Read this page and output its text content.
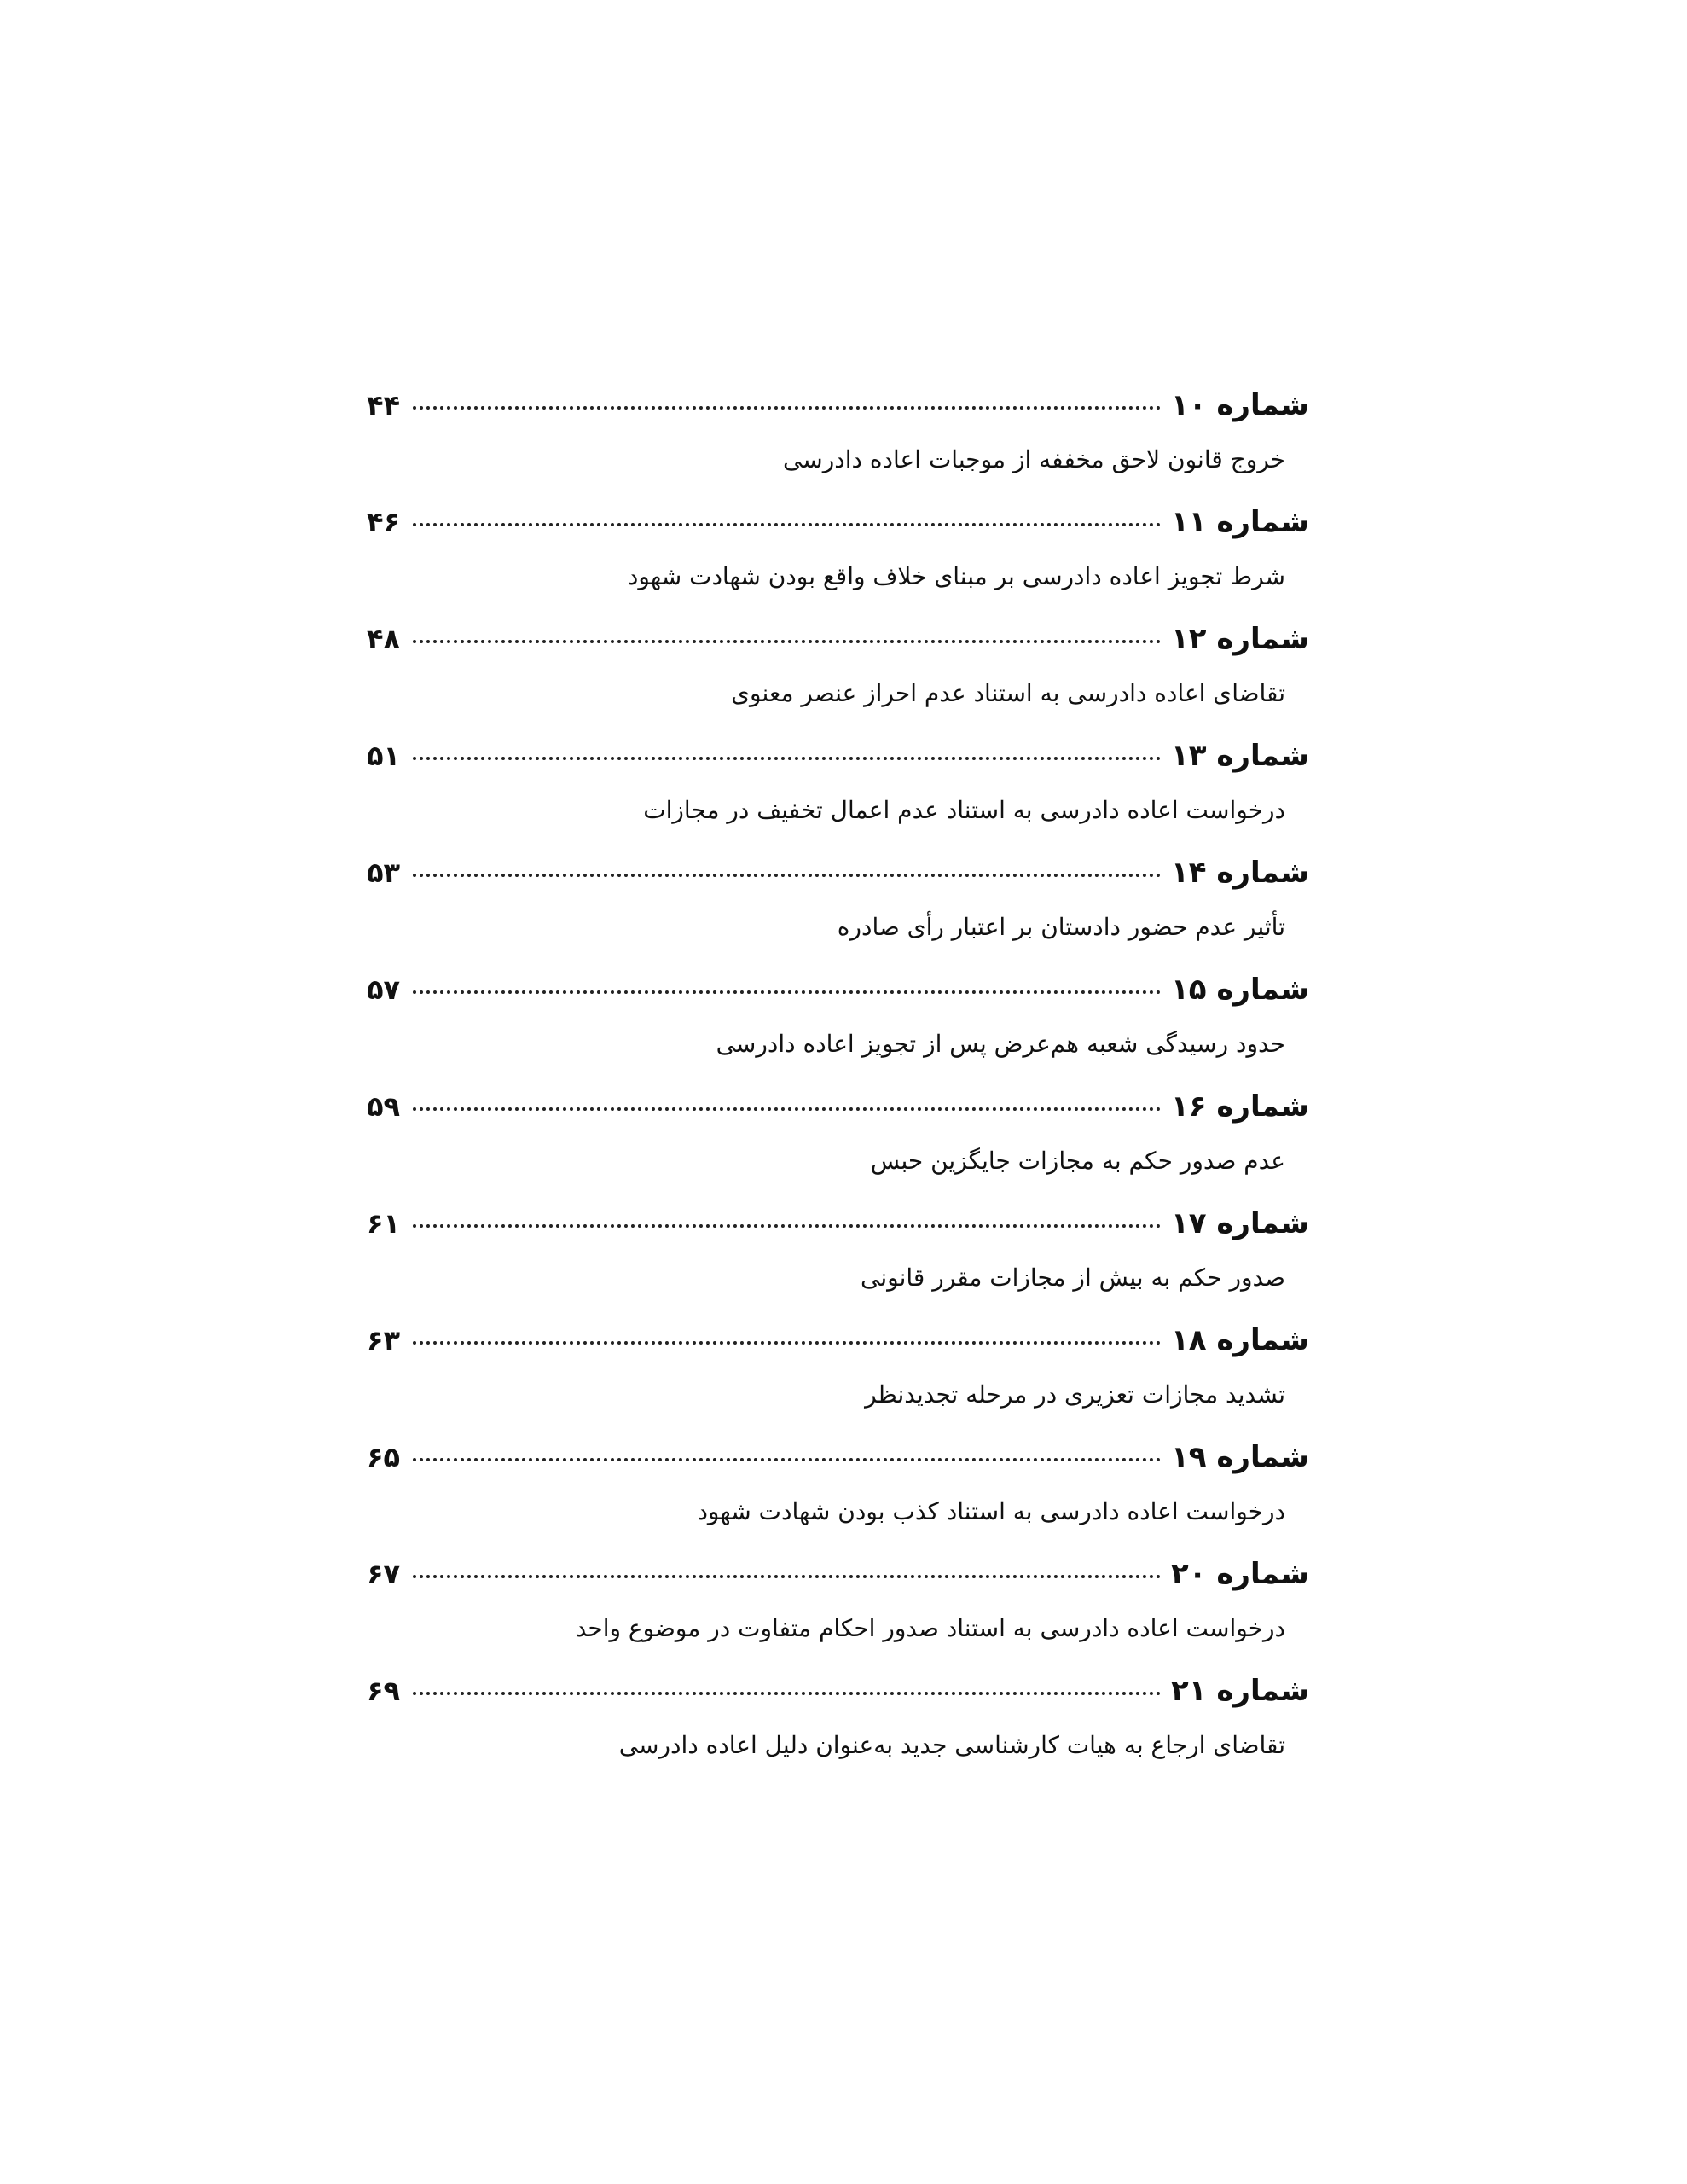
شماره ۱۰
۴۴
خروج قانون لاحق مخففه از موجبات اعاده دادرسی
شماره ۱۱
۴۶
شرط تجویز اعاده دادرسی بر مبنای خلاف واقع بودن شهادت شهود
شماره ۱۲
۴۸
تقاضای اعاده دادرسی به استناد عدم احراز عنصر معنوی
شماره ۱۳
۵۱
درخواست اعاده دادرسی به استناد عدم اعمال تخفیف در مجازات
شماره ۱۴
۵۳
تأثیر عدم حضور دادستان بر اعتبار رأی صادره
شماره ۱۵
۵۷
حدود رسیدگی شعبه هم‌عرض پس از تجویز اعاده دادرسی
شماره ۱۶
۵۹
عدم صدور حکم به مجازات جایگزین حبس
شماره ۱۷
۶۱
صدور حکم به بیش از مجازات مقرر قانونی
شماره ۱۸
۶۳
تشدید مجازات تعزیری در مرحله تجدیدنظر
شماره ۱۹
۶۵
درخواست اعاده دادرسی به استناد کذب بودن شهادت شهود
شماره ۲۰
۶۷
درخواست اعاده دادرسی به استناد صدور احکام متفاوت در موضوع واحد
شماره ۲۱
۶۹
تقاضای ارجاع به هیات کارشناسی جدید به‌عنوان دلیل اعاده دادرسی
